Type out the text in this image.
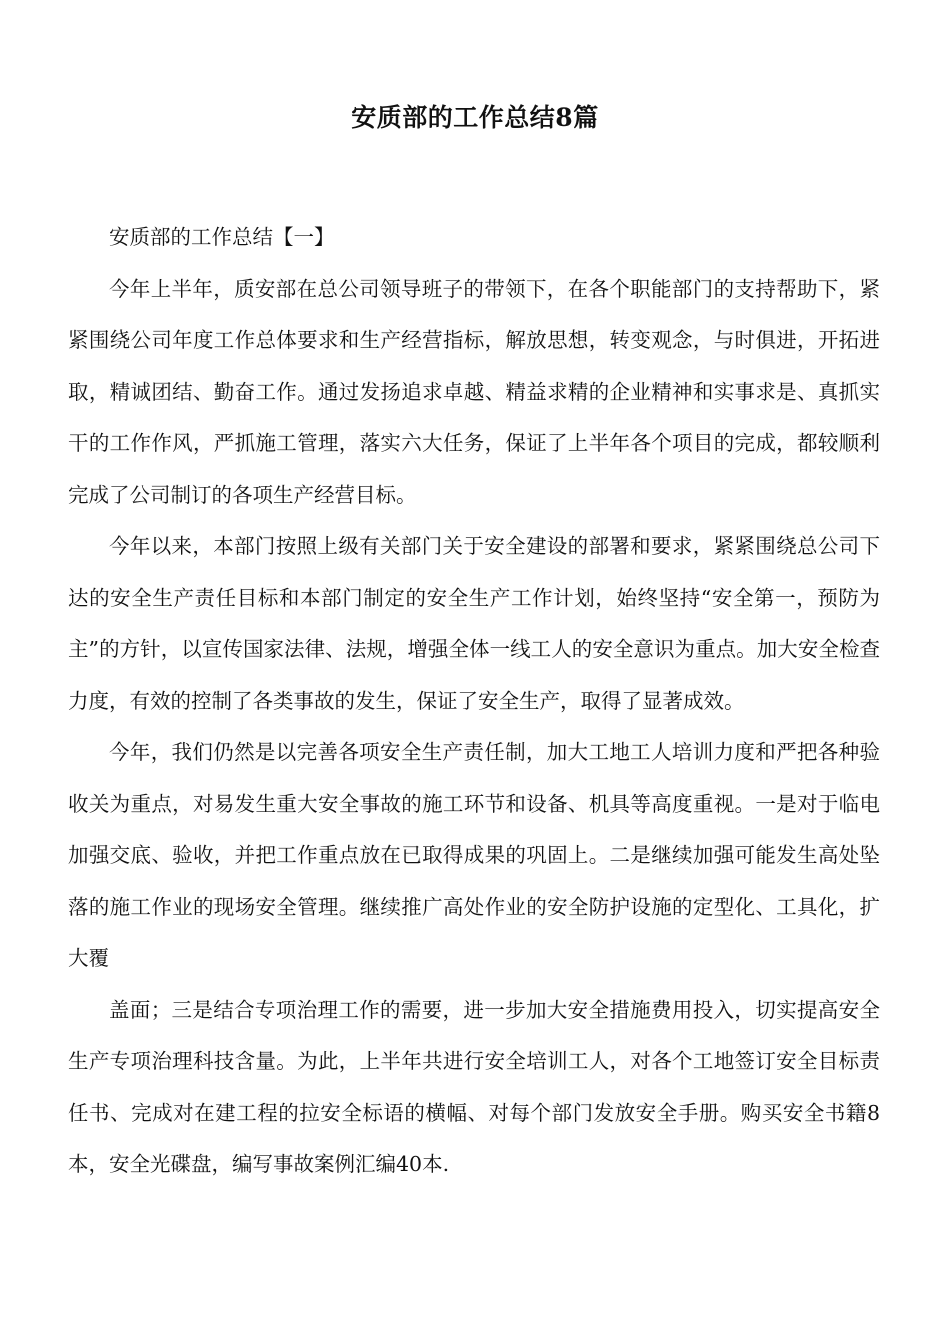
安质部的工作总结8篇

安质部的工作总结【一】

今年上半年，质安部在总公司领导班子的带领下，在各个职能部门的支持帮助下，紧紧围绕公司年度工作总体要求和生产经营指标，解放思想，转变观念，与时俱进，开拓进取，精诚团结、勤奋工作。通过发扬追求卓越、精益求精的企业精神和实事求是、真抓实干的工作作风，严抓施工管理，落实六大任务，保证了上半年各个项目的完成，都较顺利完成了公司制订的各项生产经营目标。

今年以来，本部门按照上级有关部门关于安全建设的部署和要求，紧紧围绕总公司下达的安全生产责任目标和本部门制定的安全生产工作计划，始终坚持“安全第一，预防为主”的方针，以宣传国家法律、法规，增强全体一线工人的安全意识为重点。加大安全检查力度，有效的控制了各类事故的发生，保证了安全生产，取得了显著成效。

今年，我们仍然是以完善各项安全生产责任制，加大工地工人培训力度和严把各种验收关为重点，对易发生重大安全事故的施工环节和设备、机具等高度重视。一是对于临电加强交底、验收，并把工作重点放在已取得成果的巩固上。二是继续加强可能发生高处坠落的施工作业的现场安全管理。继续推广高处作业的安全防护设施的定型化、工具化，扩大覆

盖面；三是结合专项治理工作的需要，进一步加大安全措施费用投入，切实提高安全生产专项治理科技含量。为此，上半年共进行安全培训工人，对各个工地签订安全目标责任书、完成对在建工程的拉安全标语的横幅、对每个部门发放安全手册。购买安全书籍8本，安全光碟盘，编写事故案例汇编40本.
